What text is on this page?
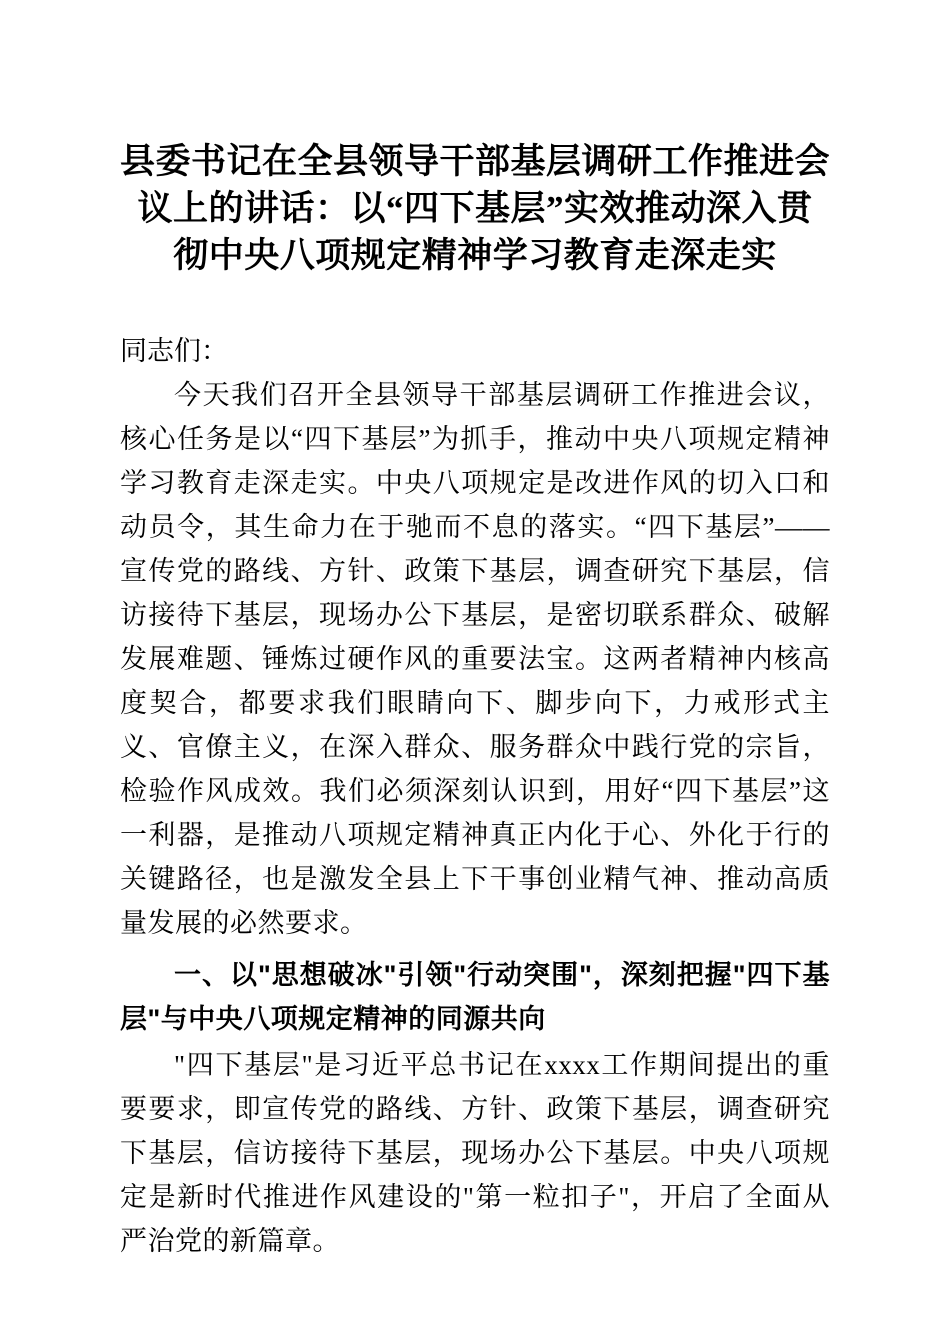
县委书记在全县领导干部基层调研工作推进会议上的讲话：以“四下基层”实效推动深入贯彻中央八项规定精神学习教育走深走实

同志们：

今天我们召开全县领导干部基层调研工作推进会议，核心任务是以“四下基层”为抓手，推动中央八项规定精神学习教育走深走实。中央八项规定是改进作风的切入口和动员令，其生命力在于驰而不息的落实。“四下基层”——宣传党的路线、方针、政策下基层，调查研究下基层，信访接待下基层，现场办公下基层，是密切联系群众、破解发展难题、锤炼过硬作风的重要法宝。这两者精神内核高度契合，都要求我们眼睛向下、脚步向下，力戒形式主义、官僚主义，在深入群众、服务群众中践行党的宗旨，检验作风成效。我们必须深刻认识到，用好“四下基层”这一利器，是推动八项规定精神真正内化于心、外化于行的关键路径，也是激发全县上下干事创业精气神、推动高质量发展的必然要求。

一、以"思想破冰"引领"行动突围"，深刻把握"四下基层"与中央八项规定精神的同源共向

"四下基层"是习近平总书记在xxxx工作期间提出的重要要求，即宣传党的路线、方针、政策下基层，调查研究下基层，信访接待下基层，现场办公下基层。中央八项规定是新时代推进作风建设的"第一粒扣子"，开启了全面从严治党的新篇章。
